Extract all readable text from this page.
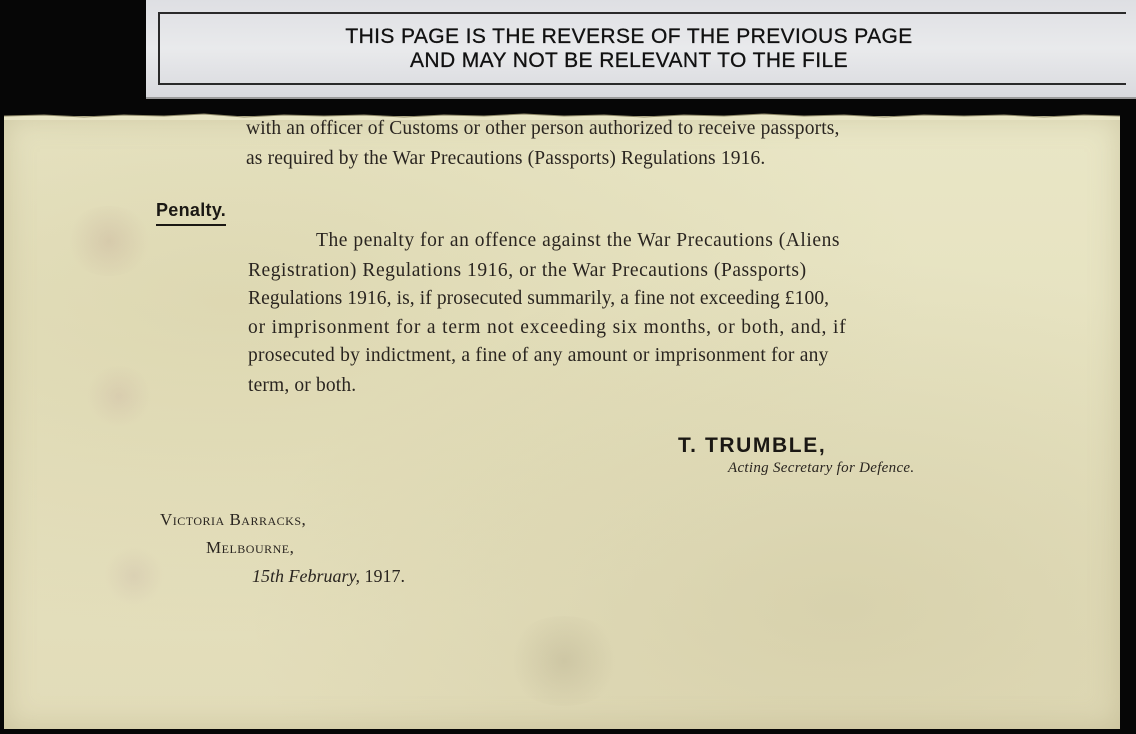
THIS PAGE IS THE REVERSE OF THE PREVIOUS PAGE
AND MAY NOT BE RELEVANT TO THE FILE
with an officer of Customs or other person authorized to receive passports,
as required by the War Precautions (Passports) Regulations 1916.
Penalty.
The penalty for an offence against the War Precautions (Aliens
Registration) Regulations 1916, or the War Precautions (Passports)
Regulations 1916, is, if prosecuted summarily, a fine not exceeding £100,
or imprisonment for a term not exceeding six months, or both, and, if
prosecuted by indictment, a fine of any amount or imprisonment for any
term, or both.
T. TRUMBLE,
Acting Secretary for Defence.
Victoria Barracks,
Melbourne,
15th February, 1917.
